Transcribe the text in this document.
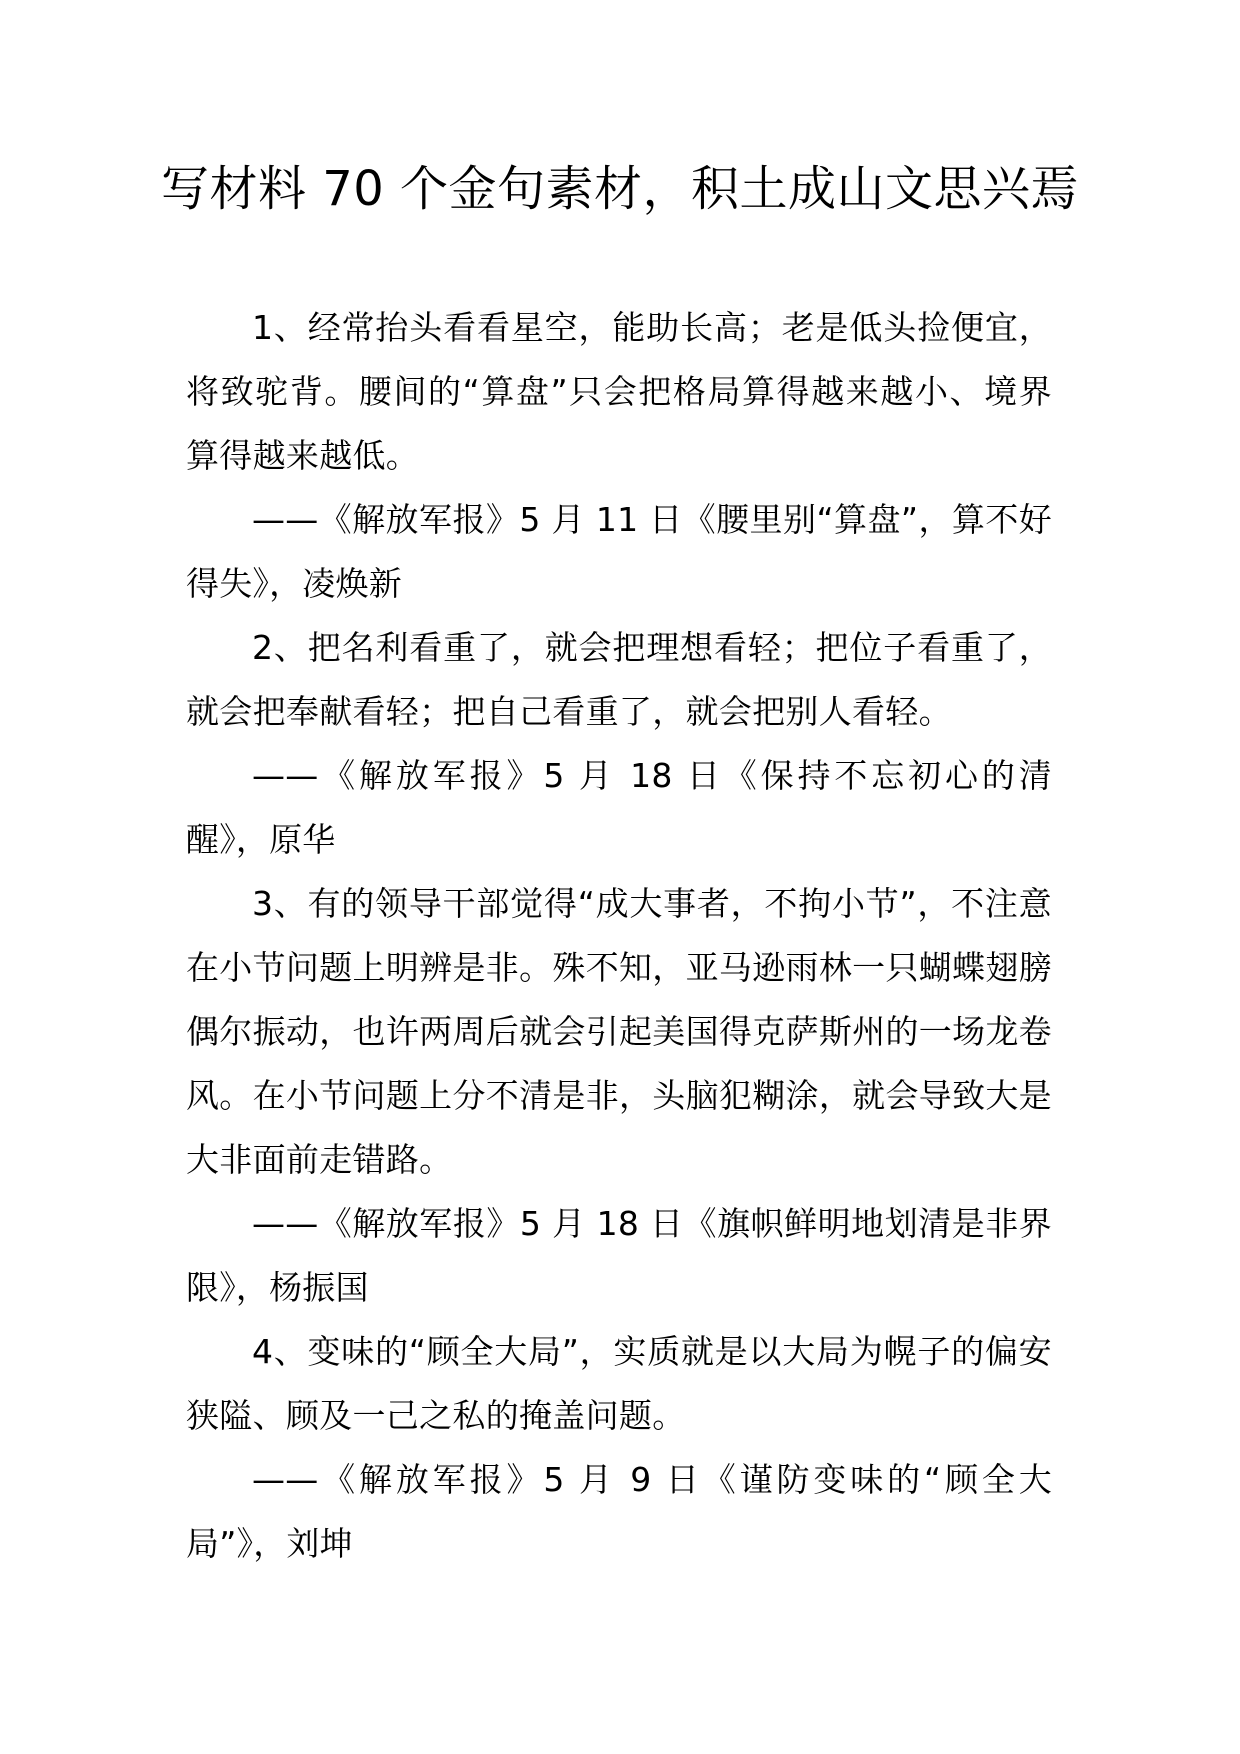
写材料 70 个金句素材，积土成山文思兴焉

1、经常抬头看看星空，能助长高；老是低头捡便宜，将致驼背。腰间的“算盘”只会把格局算得越来越小、境界算得越来越低。

——《解放军报》5 月 11 日《腰里别“算盘”，算不好得失》，凌焕新

2、把名利看重了，就会把理想看轻；把位子看重了，就会把奉献看轻；把自己看重了，就会把别人看轻。

——《解放军报》5 月 18 日《保持不忘初心的清醒》，原华

3、有的领导干部觉得“成大事者，不拘小节”，不注意在小节问题上明辨是非。殊不知，亚马逊雨林一只蝴蝶翅膀偶尔振动，也许两周后就会引起美国得克萨斯州的一场龙卷风。在小节问题上分不清是非，头脑犯糊涂，就会导致大是大非面前走错路。

——《解放军报》5 月 18 日《旗帜鲜明地划清是非界限》，杨振国

4、变味的“顾全大局”，实质就是以大局为幌子的偏安狭隘、顾及一己之私的掩盖问题。

——《解放军报》5 月 9 日《谨防变味的“顾全大局”》，刘坤
